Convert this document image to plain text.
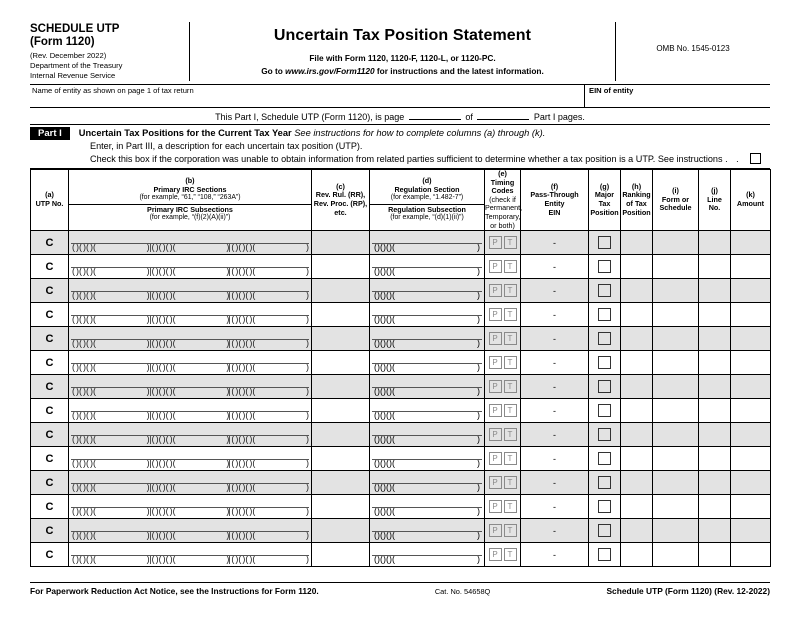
SCHEDULE UTP
(Form 1120)
(Rev. December 2022)
Department of the Treasury
Internal Revenue Service
Uncertain Tax Position Statement
File with Form 1120, 1120-F, 1120-L, or 1120-PC.
Go to www.irs.gov/Form1120 for instructions and the latest information.
OMB No. 1545-0123
Name of entity as shown on page 1 of tax return	EIN of entity
This Part I, Schedule UTP (Form 1120), is page	of	Part I pages.
Part I	Uncertain Tax Positions for the Current Tax Year See instructions for how to complete columns (a) through (k).
Enter, in Part III, a description for each uncertain tax position (UTP).
Check this box if the corporation was unable to obtain information from related parties sufficient to determine whether a tax position is a UTP. See instructions . .
(a)
UTP No.

(b)
Primary IRC Sections
(for example, “61,” “108,” “263A”)
Primary IRC Subsections
(for example, “(f)(2)(A)(ii)”)

(c)
Rev. Rul. (RR),
Rev. Proc. (RP),
etc.

(d)
Regulation Section
(for example, “1.482-7”)
Regulation Subsection
(for example, “(d)(1)(ii)”)

(e)
Timing
Codes
(check if
Permanent,
Temporary,
or both)

(f)
Pass-Through
Entity
EIN

(g)
Major
Tax
Position

(h)
Ranking
of Tax
Position

(i)
Form or
Schedule

(j)
Line
No.

(k)
Amount

C	( )( )( )(	) ( )( )( )(	) ( )( )( )(	)		( )( )( )(	)	P	T	-	

C	( )( )( )(	) ( )( )( )(	) ( )( )( )(	)		( )( )( )(	)	P	T	-	

C	( )( )( )(	) ( )( )( )(	) ( )( )( )(	)		( )( )( )(	)	P	T	-	

C	( )( )( )(	) ( )( )( )(	) ( )( )( )(	)		( )( )( )(	)	P	T	-	

C	( )( )( )(	) ( )( )( )(	) ( )( )( )(	)		( )( )( )(	)	P	T	-	

C	( )( )( )(	) ( )( )( )(	) ( )( )( )(	)		( )( )( )(	)	P	T	-	

C	( )( )( )(	) ( )( )( )(	) ( )( )( )(	)		( )( )( )(	)	P	T	-	

C	( )( )( )(	) ( )( )( )(	) ( )( )( )(	)		( )( )( )(	)	P	T	-	

C	( )( )( )(	) ( )( )( )(	) ( )( )( )(	)		( )( )( )(	)	P	T	-	

C	( )( )( )(	) ( )( )( )(	) ( )( )( )(	)		( )( )( )(	)	P	T	-	

C	( )( )( )(	) ( )( )( )(	) ( )( )( )(	)		( )( )( )(	)	P	T	-	

C	( )( )( )(	) ( )( )( )(	) ( )( )( )(	)		( )( )( )(	)	P	T	-	

C	( )( )( )(	) ( )( )( )(	) ( )( )( )(	)		( )( )( )(	)	P	T	-	

C	( )( )( )(	) ( )( )( )(	) ( )( )( )(	)		( )( )( )(	)	P	T	-	

For Paperwork Reduction Act Notice, see the Instructions for Form 1120.	Cat. No. 54658Q	Schedule UTP (Form 1120) (Rev. 12-2022)
